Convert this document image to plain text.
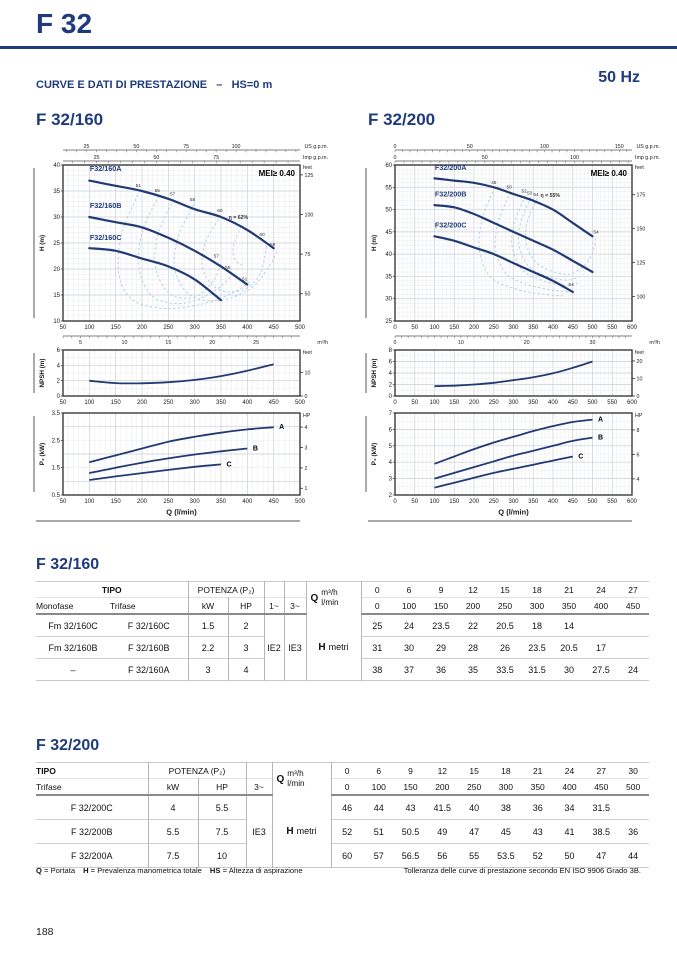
F 32
CURVE E DATI DI PRESTAZIONE   –   HS=0 m	50 Hz
F 32/160	F 32/200
25	50	75	100	US g.p.m.
25	50	75	Imp g.p.m.
51
55
57
58
60
η = 62%
60
58
57
55
51
F32/160A
F32/160B
F32/160C
MEI≥ 0.40
feet
50
75
100
125
10
15
20
25
30
35
40
50	100	150	200	250	300	350	400	450	500
H (m)
5	10	15	20	25	m³/h
feet
10
0
0
2
4
6
50	100	150	200	250	300	350	400	450	500
NPSH (m)
A
B
C
HP
4
3
2
1
0.5
1.5
2.5
3.5
50	100	150	200	250	300	350	400	450	500
P₂ (kW)
Q (l/min)
0	50	100	150 US g.p.m.
0	50	100	Imp g.p.m.
45
50
52 53 54 η = 55%
54
54
F32/200A
F32/200B
F32/200C
MEI≥ 0.40
feet
100
125
150
175
25
30
35
40
45
50
55
60
0 50 100 150 200 250 300 350 400 450 500 550 600
H (m)
0	10	20	30	m³/h
feet
20
10
0
0
2
4
6
8
0 50 100 150 200 250 300 350 400 450 500 550 600
NPSH (m)
A
B
C
HP
8
6
4
2
3
4
5
6
7
0 50 100 150 200 250 300 350 400 450 500 550 600
P₂ (kW)
Q (l/min)
F 32/160
TIPO		POTENZA (P₂)				Q
m³/h
l/min	0	6	9	12	15	18	21	24	27
Monofase	Trifase	kW	HP	1~	3~		0	100	150	200	250	300	350	400	450
Fm 32/160C	F 32/160C	1.5	2	IE2	IE3	H metri	25	24	23.5	22	20.5	18	14		
Fm 32/160B	F 32/160B	2.2	3				31	30	29	28	26	23.5	20.5	17	
–	F 32/160A	3	4				38	37	36	35	33.5	31.5	30	27.5	24
F 32/200
TIPO	POTENZA (P₂)			Q
m³/h
l/min	0	6	9	12	15	18	21	24	27	30
Trifase	kW	HP	3~		0	100	150	200	250	300	350	400	450	500
F 32/200C	4	5.5	IE3	H metri	46	44	43	41.5	40	38	36	34	31.5	
F 32/200B	5.5	7.5			52	51	50.5	49	47	45	43	41	38.5	36
F 32/200A	7.5	10			60	57	56.5	56	55	53.5	52	50	47	44
Q = Portata H = Prevalenza manometrica totale HS = Altezza di aspirazione	Tolleranza delle curve di prestazione secondo EN ISO 9906 Grado 3B.
188
